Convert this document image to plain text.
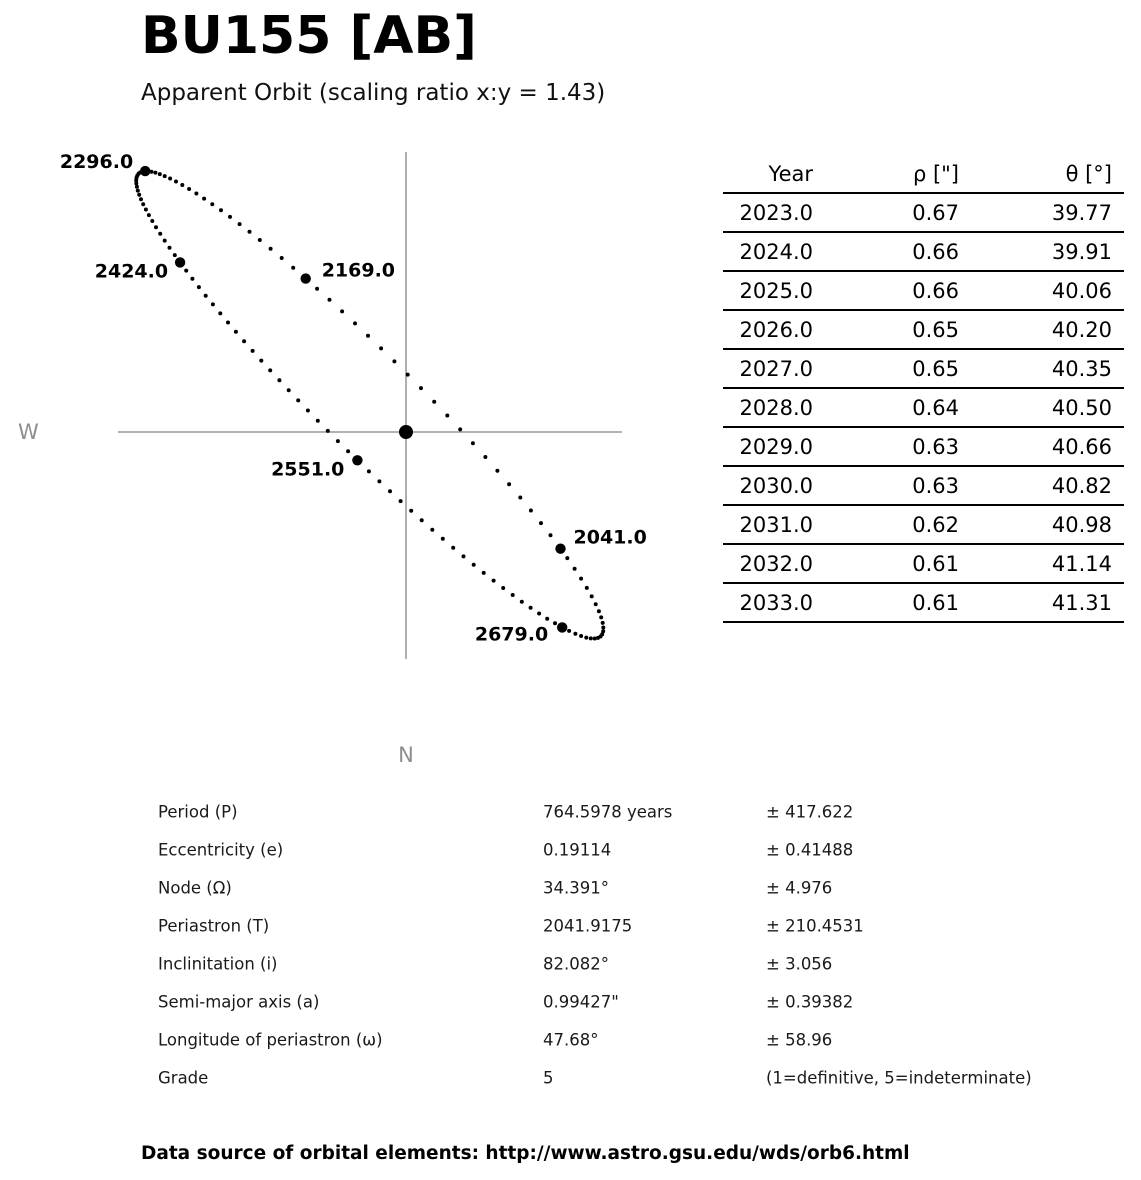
BU155 [AB]
Apparent Orbit (scaling ratio x:y = 1.43)
2296.0
2424.0	2169.0
2551.0
2041.0
2679.0
W
N
Year	ρ ["]	θ [°]
2023.0	0.67	39.77
2024.0	0.66	39.91
2025.0	0.66	40.06
2026.0	0.65	40.20
2027.0	0.65	40.35
2028.0	0.64	40.50
2029.0	0.63	40.66
2030.0	0.63	40.82
2031.0	0.62	40.98
2032.0	0.61	41.14
2033.0	0.61	41.31
Period (P)	764.5978 years	± 417.622
Eccentricity (e)	0.19114	± 0.41488
Node (Ω)	34.391°	± 4.976
Periastron (T)	2041.9175	± 210.4531
Inclinitation (i)	82.082°	± 3.056
Semi-major axis (a)	0.99427"	± 0.39382
Longitude of periastron (ω)	47.68°	± 58.96
Grade	5	(1=definitive, 5=indeterminate)
Data source of orbital elements: http://www.astro.gsu.edu/wds/orb6.html
